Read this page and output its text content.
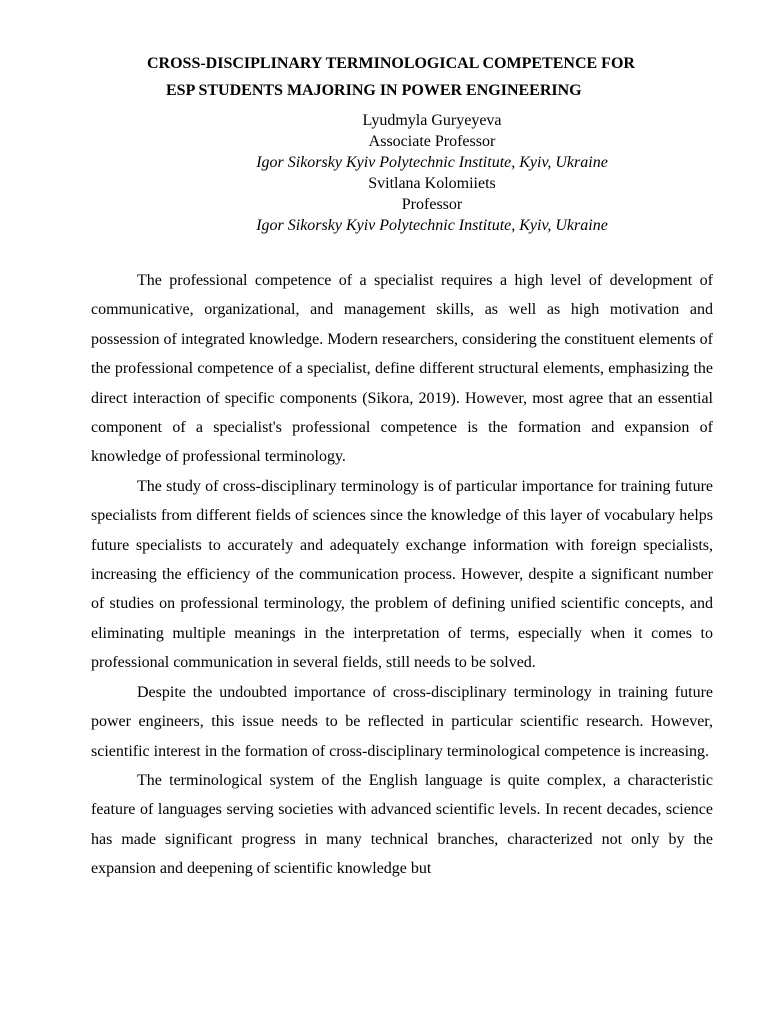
CROSS-DISCIPLINARY TERMINOLOGICAL COMPETENCE FOR
ESP STUDENTS MAJORING IN POWER ENGINEERING
Lyudmyla Guryeyeva
Associate Professor
Igor Sikorsky Kyiv Polytechnic Institute, Kyiv, Ukraine
Svitlana Kolomiiets
Professor
Igor Sikorsky Kyiv Polytechnic Institute, Kyiv, Ukraine

The professional competence of a specialist requires a high level of development of communicative, organizational, and management skills, as well as high motivation and possession of integrated knowledge. Modern researchers, considering the constituent elements of the professional competence of a specialist, define different structural elements, emphasizing the direct interaction of specific components (Sikora, 2019). However, most agree that an essential component of a specialist's professional competence is the formation and expansion of knowledge of professional terminology.

The study of cross-disciplinary terminology is of particular importance for training future specialists from different fields of sciences since the knowledge of this layer of vocabulary helps future specialists to accurately and adequately exchange information with foreign specialists, increasing the efficiency of the communication process. However, despite a significant number of studies on professional terminology, the problem of defining unified scientific concepts, and eliminating multiple meanings in the interpretation of terms, especially when it comes to professional communication in several fields, still needs to be solved.

Despite the undoubted importance of cross-disciplinary terminology in training future power engineers, this issue needs to be reflected in particular scientific research. However, scientific interest in the formation of cross-disciplinary terminological competence is increasing.

The terminological system of the English language is quite complex, a characteristic feature of languages serving societies with advanced scientific levels. In recent decades, science has made significant progress in many technical branches, characterized not only by the expansion and deepening of scientific knowledge but
